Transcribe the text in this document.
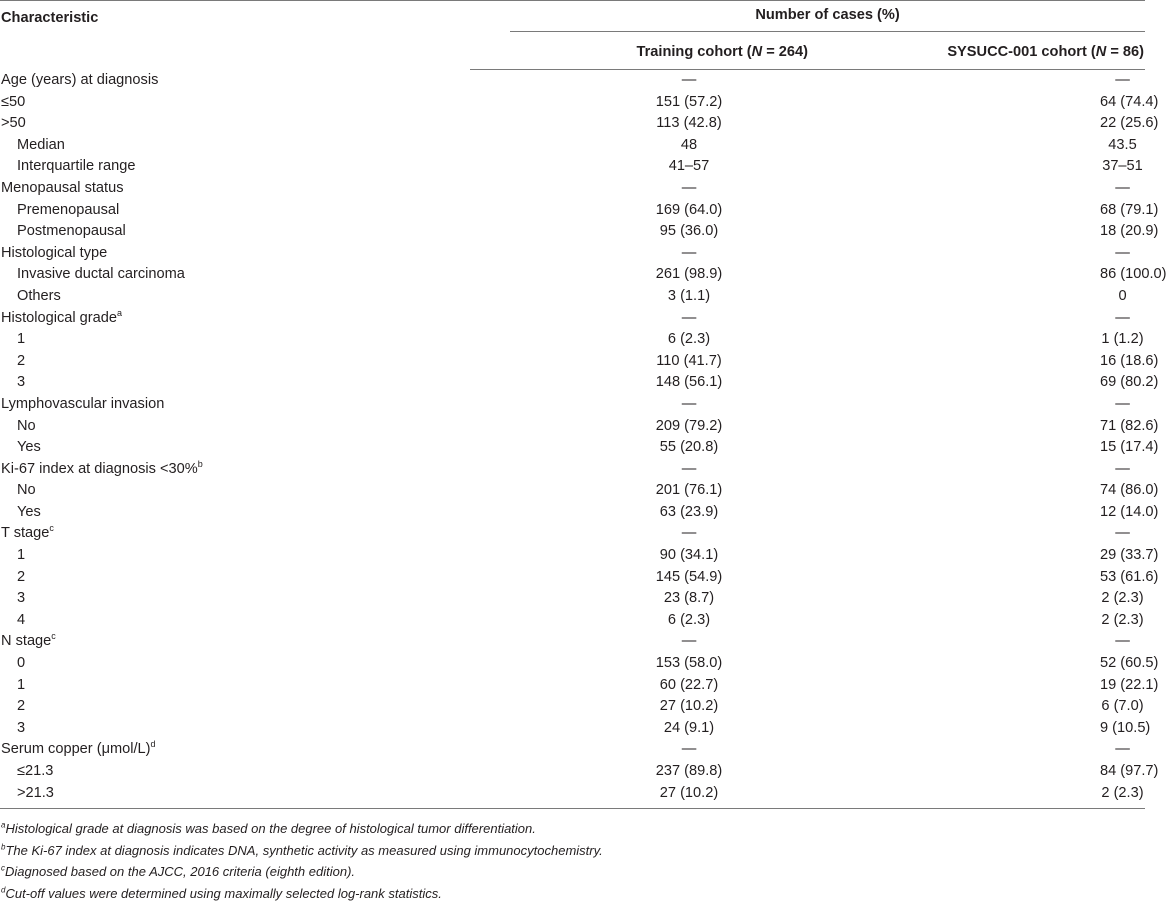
Characteristic	Number of cases (%)	

	Training cohort (N = 264)	SYSUCC-001 cohort (N = 86)
Age (years) at diagnosis	—	—
≤50	151 (57.2)	64 (74.4)
>50	113 (42.8)	22 (25.6)
Median	48	43.5
Interquartile range	41–57	37–51
Menopausal status	—	—
Premenopausal	169 (64.0)	68 (79.1)
Postmenopausal	95 (36.0)	18 (20.9)
Histological type	—	—
Invasive ductal carcinoma	261 (98.9)	86 (100.0)
Others	3 (1.1)	0
Histological grade$^a$	—	—
1	6 (2.3)	1 (1.2)
2	110 (41.7)	16 (18.6)
3	148 (56.1)	69 (80.2)
Lymphovascular invasion	—	—
No	209 (79.2)	71 (82.6)
Yes	55 (20.8)	15 (17.4)
Ki-67 index at diagnosis <30%$^b$	—	—
No	201 (76.1)	74 (86.0)
Yes	63 (23.9)	12 (14.0)
T stage$^c$	—	—
1	90 (34.1)	29 (33.7)
2	145 (54.9)	53 (61.6)
3	23 (8.7)	2 (2.3)
4	6 (2.3)	2 (2.3)
N stage$^c$	—	—
0	153 (58.0)	52 (60.5)
1	60 (22.7)	19 (22.1)
2	27 (10.2)	6 (7.0)
3	24 (9.1)	9 (10.5)
Serum copper $(\mu mol/L)^d$	—	—
≤21.3	237 (89.8)	84 (97.7)
>21.3	27 (10.2)	2 (2.3)
$^a$Histological grade at diagnosis was based on the degree of histological tumor differentiation.
$^b$The Ki-67 index at diagnosis indicates DNA, synthetic activity as measured using immunocytochemistry.
$^c$Diagnosed based on the AJCC, 2016 criteria (eighth edition).
$^d$Cut-off values were determined using maximally selected log-rank statistics.
